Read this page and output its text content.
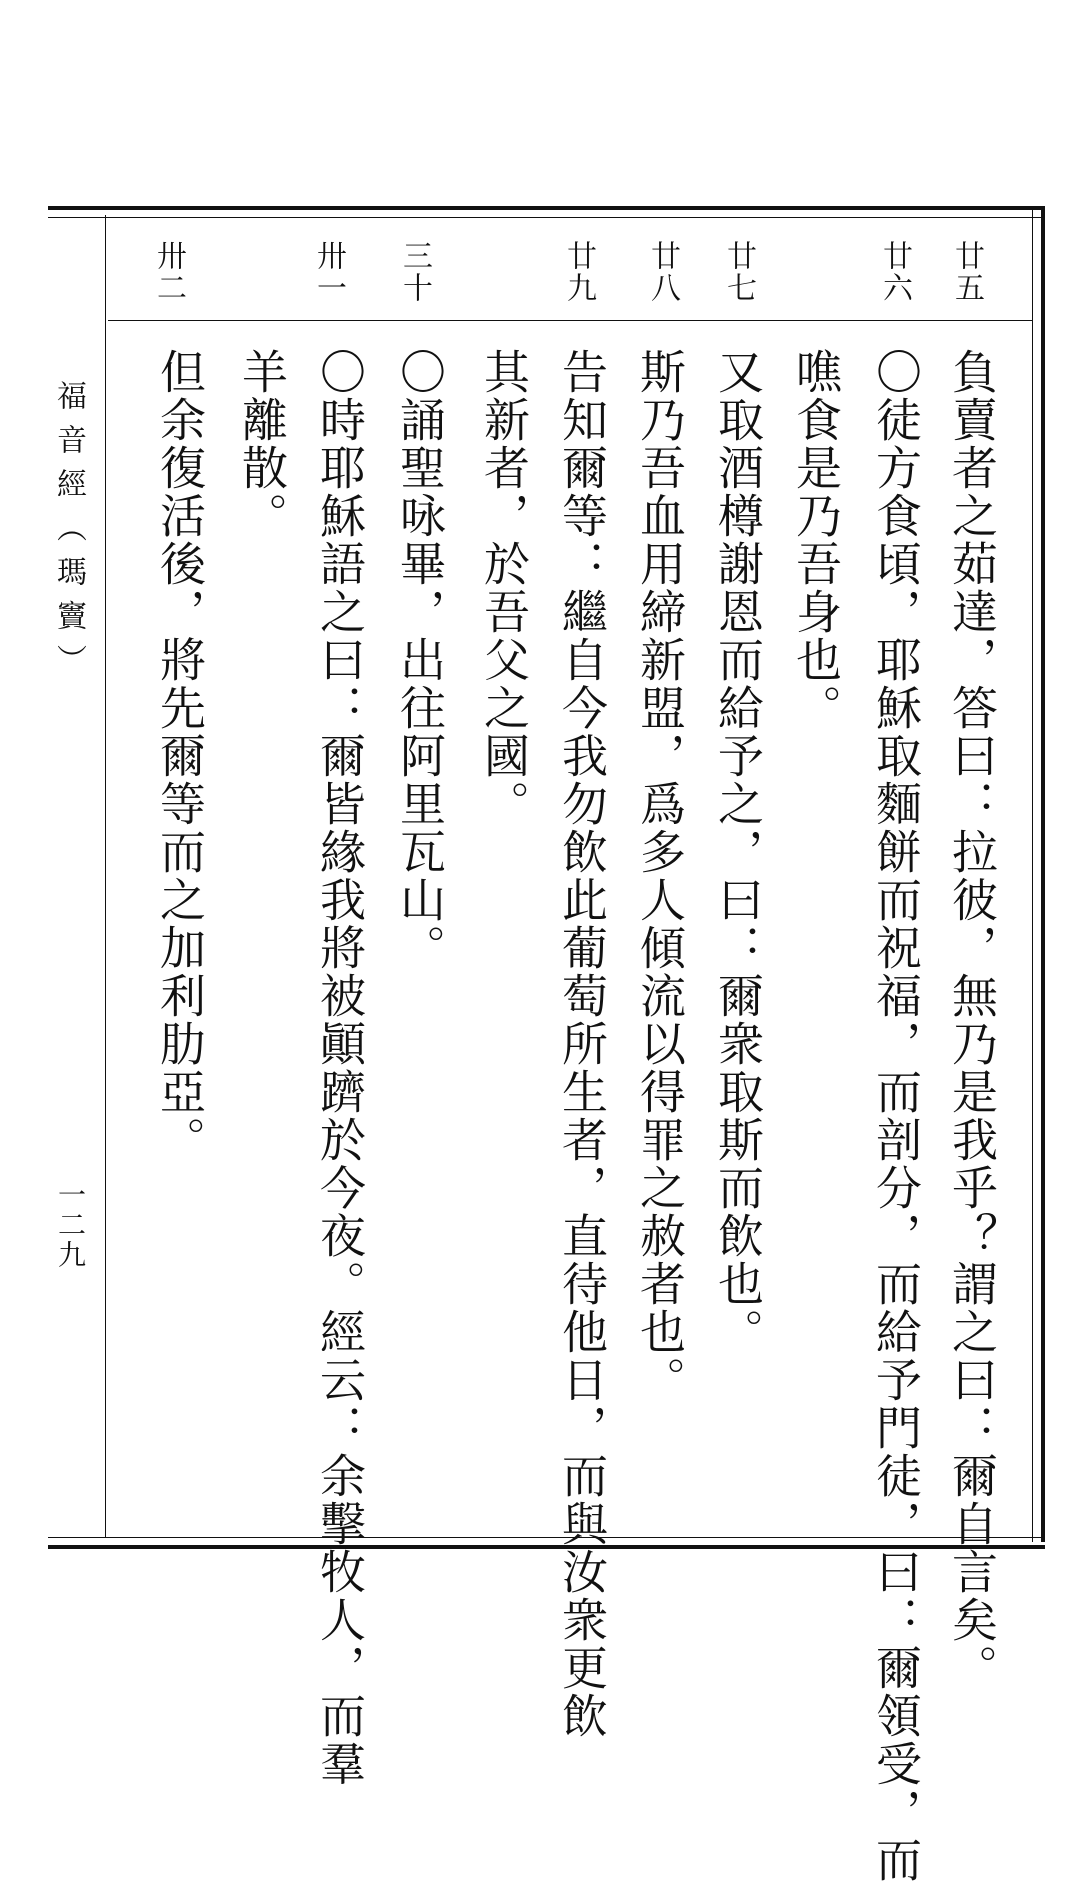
福音經（瑪竇）
一二九
廿五
廿六
廿七
廿八
廿九
三十
卅一
卅二
負賣者之茹達，答曰：拉彼，無乃是我乎？謂之曰：爾自言矣。
〇徒方食頃，耶穌取麵餅而祝福，而剖分，而給予門徒，曰：爾領受，而
噍食是乃吾身也。
又取酒樽謝恩而給予之，曰：爾衆取斯而飲也。
斯乃吾血用締新盟，爲多人傾流以得罪之赦者也。
告知爾等：繼自今我勿飲此葡萄所生者，直待他日，而與汝衆更飲
其新者，於吾父之國。
〇誦聖咏畢，出往阿里瓦山。
〇時耶穌語之曰：爾皆緣我將被顚躋於今夜。經云：余擊牧人，而羣
羊離散。
但余復活後，將先爾等而之加利肋亞。
